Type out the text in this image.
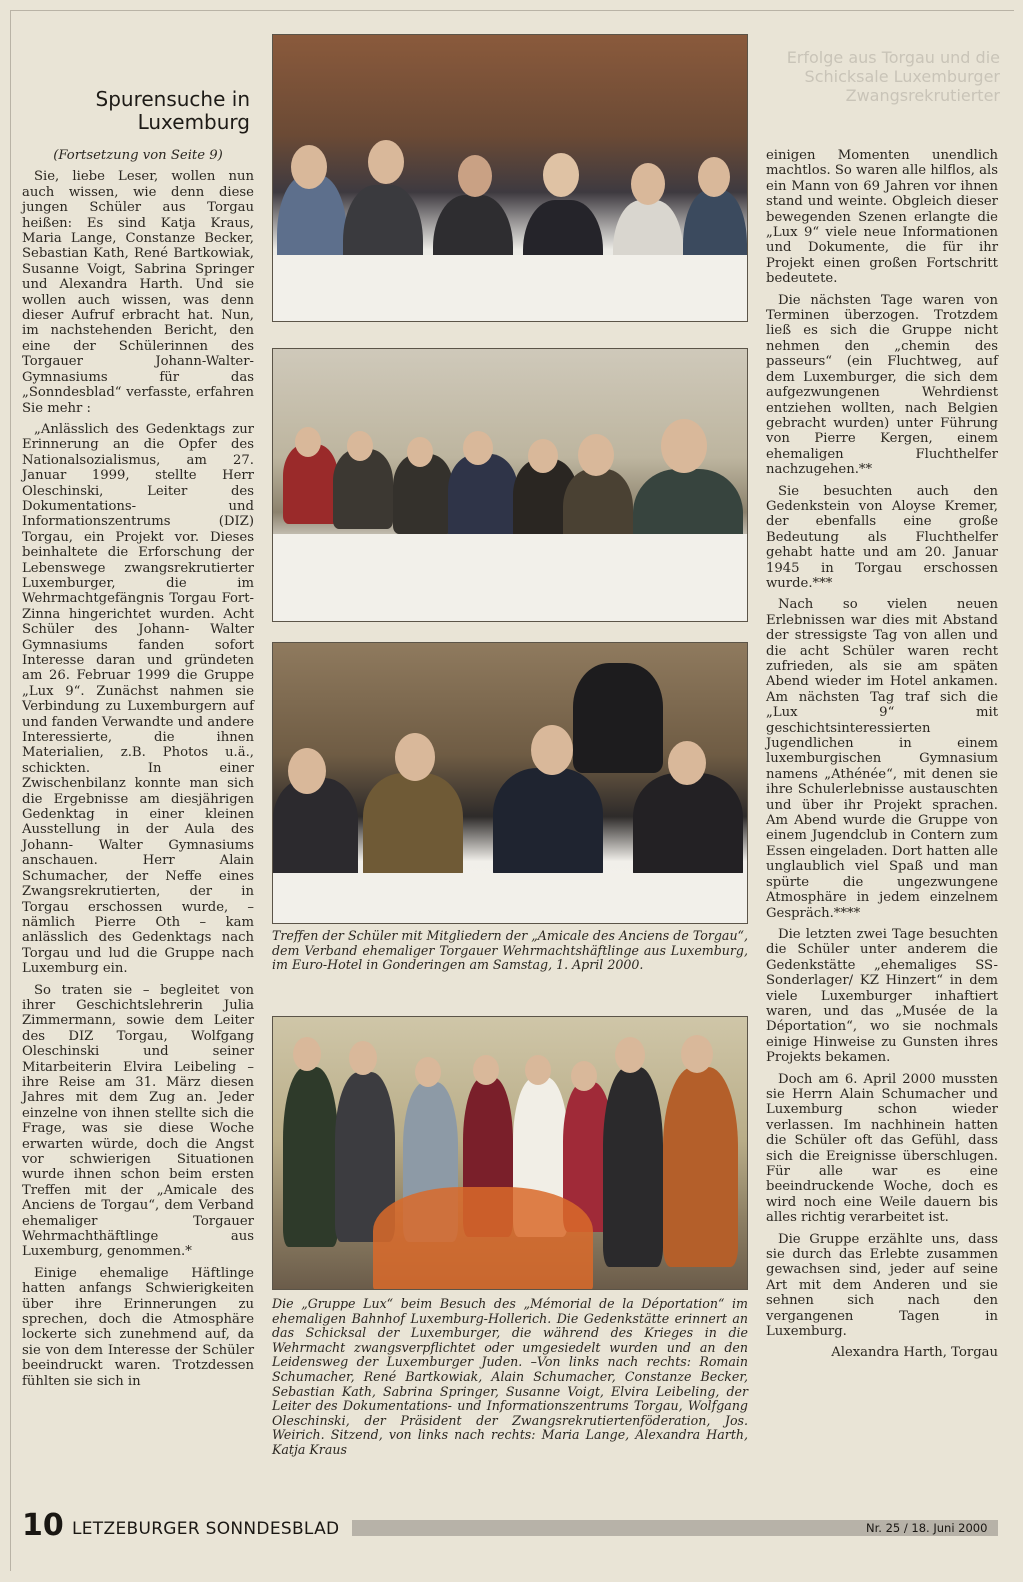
Erfolge aus Torgau und die Schicksale Luxemburger Zwangsrekrutierter
Spurensuche in
Luxemburg

(Fortsetzung von Seite 9)

Sie, liebe Leser, wollen nun auch wissen, wie denn diese jungen Schüler aus Torgau heißen: Es sind Katja Kraus, Maria Lange, Constanze Becker, Sebastian Kath, René Bartkowiak, Susanne Voigt, Sabrina Springer und Alexandra Harth. Und sie wollen auch wissen, was denn dieser Aufruf erbracht hat. Nun, im nachstehenden Bericht, den eine der Schülerinnen des Torgauer Johann-Walter-Gymnasiums für das „Sonndesblad“ verfasste, erfahren Sie mehr :

„Anlässlich des Gedenktags zur Erinnerung an die Opfer des Nationalsozialismus, am 27. Januar 1999, stellte Herr Oleschinski, Leiter des Dokumentations- und Informationszentrums (DIZ) Torgau, ein Projekt vor. Dieses beinhaltete die Erforschung der Lebenswege zwangsrekrutierter Luxemburger, die im Wehrmachtgefängnis Torgau Fort- Zinna hingerichtet wurden. Acht Schüler des Johann- Walter Gymnasiums fanden sofort Interesse daran und gründeten am 26. Februar 1999 die Gruppe „Lux 9“. Zunächst nahmen sie Verbindung zu Luxemburgern auf und fanden Verwandte und andere Interessierte, die ihnen Materialien, z.B. Photos u.ä., schickten. In einer Zwischenbilanz konnte man sich die Ergebnisse am diesjährigen Gedenktag in einer kleinen Ausstellung in der Aula des Johann- Walter Gymnasiums anschauen. Herr Alain Schumacher, der Neffe eines Zwangsrekrutierten, der in Torgau erschossen wurde, – nämlich Pierre Oth – kam anlässlich des Gedenktags nach Torgau und lud die Gruppe nach Luxemburg ein.

So traten sie – begleitet von ihrer Geschichtslehrerin Julia Zimmermann, sowie dem Leiter des DIZ Torgau, Wolfgang Oleschinski und seiner Mitarbeiterin Elvira Leibeling – ihre Reise am 31. März diesen Jahres mit dem Zug an. Jeder einzelne von ihnen stellte sich die Frage, was sie diese Woche erwarten würde, doch die Angst vor schwierigen Situationen wurde ihnen schon beim ersten Treffen mit der „Amicale des Anciens de Torgau“, dem Verband ehemaliger Torgauer Wehrmachthäftlinge aus Luxemburg, genommen.*

Einige ehemalige Häftlinge hatten anfangs Schwierigkeiten über ihre Erinnerungen zu sprechen, doch die Atmosphäre lockerte sich zunehmend auf, da sie von dem Interesse der Schüler beeindruckt waren. Trotzdessen fühlten sie sich in

Treffen der Schüler mit Mitgliedern der „Amicale des Anciens de Torgau“, dem Verband ehemaliger Torgauer Wehrmachtshäftlinge aus Luxemburg, im Euro-Hotel in Gonderingen am Samstag, 1. April 2000.
Die „Gruppe Lux“ beim Besuch des „Mémorial de la Déportation“ im ehemaligen Bahnhof Luxemburg-Hollerich. Die Gedenkstätte erinnert an das Schicksal der Luxemburger, die während des Krieges in die Wehrmacht zwangsverpflichtet oder umgesiedelt wurden und an den Leidensweg der Luxemburger Juden. –Von links nach rechts: Romain Schumacher, René Bartkowiak, Alain Schumacher, Constanze Becker, Sebastian Kath, Sabrina Springer, Susanne Voigt, Elvira Leibeling, der Leiter des Dokumentations- und Informationszentrums Torgau, Wolfgang Oleschinski, der Präsident der Zwangsrekrutiertenföderation, Jos. Weirich. Sitzend, von links nach rechts: Maria Lange, Alexandra Harth, Katja Kraus

einigen Momenten unendlich machtlos. So waren alle hilflos, als ein Mann von 69 Jahren vor ihnen stand und weinte. Obgleich dieser bewegenden Szenen erlangte die „Lux 9“ viele neue Informationen und Dokumente, die für ihr Projekt einen großen Fortschritt bedeutete.

Die nächsten Tage waren von Terminen überzogen. Trotzdem ließ es sich die Gruppe nicht nehmen den „chemin des passeurs“ (ein Fluchtweg, auf dem Luxemburger, die sich dem aufgezwungenen Wehrdienst entziehen wollten, nach Belgien gebracht wurden) unter Führung von Pierre Kergen, einem ehemaligen Fluchthelfer nachzugehen.**

Sie besuchten auch den Gedenkstein von Aloyse Kremer, der ebenfalls eine große Bedeutung als Fluchthelfer gehabt hatte und am 20. Januar 1945 in Torgau erschossen wurde.***

Nach so vielen neuen Erlebnissen war dies mit Abstand der stressigste Tag von allen und die acht Schüler waren recht zufrieden, als sie am späten Abend wieder im Hotel ankamen. Am nächsten Tag traf sich die „Lux 9“ mit geschichtsinteressierten Jugendlichen in einem luxemburgischen Gymnasium namens „Athénée“, mit denen sie ihre Schulerlebnisse austauschten und über ihr Projekt sprachen. Am Abend wurde die Gruppe von einem Jugendclub in Contern zum Essen eingeladen. Dort hatten alle unglaublich viel Spaß und man spürte die ungezwungene Atmosphäre in jedem einzelnem Gespräch.****

Die letzten zwei Tage besuchten die Schüler unter anderem die Gedenkstätte „ehemaliges SS- Sonderlager/ KZ Hinzert“ in dem viele Luxemburger inhaftiert waren, und das „Musée de la Déportation“, wo sie nochmals einige Hinweise zu Gunsten ihres Projekts bekamen.

Doch am 6. April 2000 mussten sie Herrn Alain Schumacher und Luxemburg schon wieder verlassen. Im nachhinein hatten die Schüler oft das Gefühl, dass sich die Ereignisse überschlugen. Für alle war es eine beeindruckende Woche, doch es wird noch eine Weile dauern bis alles richtig verarbeitet ist.

Die Gruppe erzählte uns, dass sie durch das Erlebte zusammen gewachsen sind, jeder auf seine Art mit dem Anderen und sie sehnen sich nach den vergangenen Tagen in Luxemburg.

Alexandra Harth, Torgau

10 LETZEBURGER SONNDESBLAD	Nr. 25 / 18. Juni 2000
